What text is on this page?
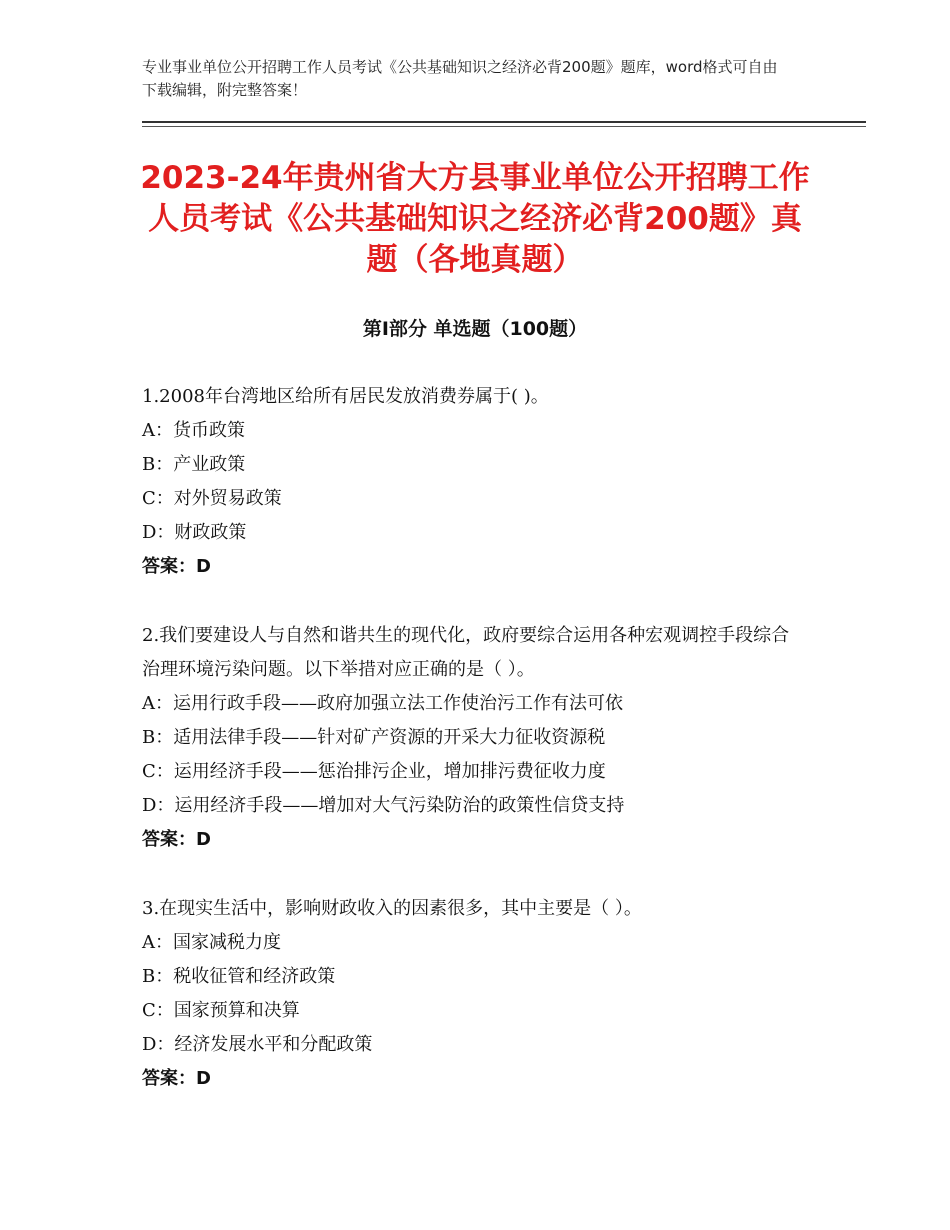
专业事业单位公开招聘工作人员考试《公共基础知识之经济必背200题》题库，word格式可自由下载编辑，附完整答案！
2023-24年贵州省大方县事业单位公开招聘工作人员考试《公共基础知识之经济必背200题》真题（各地真题）
第Ⅰ部分 单选题（100题）

1.2008年台湾地区给所有居民发放消费券属于( )。

A：货币政策

B：产业政策

C：对外贸易政策

D：财政政策

答案：D

2.我们要建设人与自然和谐共生的现代化，政府要综合运用各种宏观调控手段综合治理环境污染问题。以下举措对应正确的是（ ）。

A：运用行政手段——政府加强立法工作使治污工作有法可依

B：适用法律手段——针对矿产资源的开采大力征收资源税

C：运用经济手段——惩治排污企业，增加排污费征收力度

D：运用经济手段——增加对大气污染防治的政策性信贷支持

答案：D

3.在现实生活中，影响财政收入的因素很多，其中主要是（ ）。

A：国家减税力度

B：税收征管和经济政策

C：国家预算和决算

D：经济发展水平和分配政策

答案：D
